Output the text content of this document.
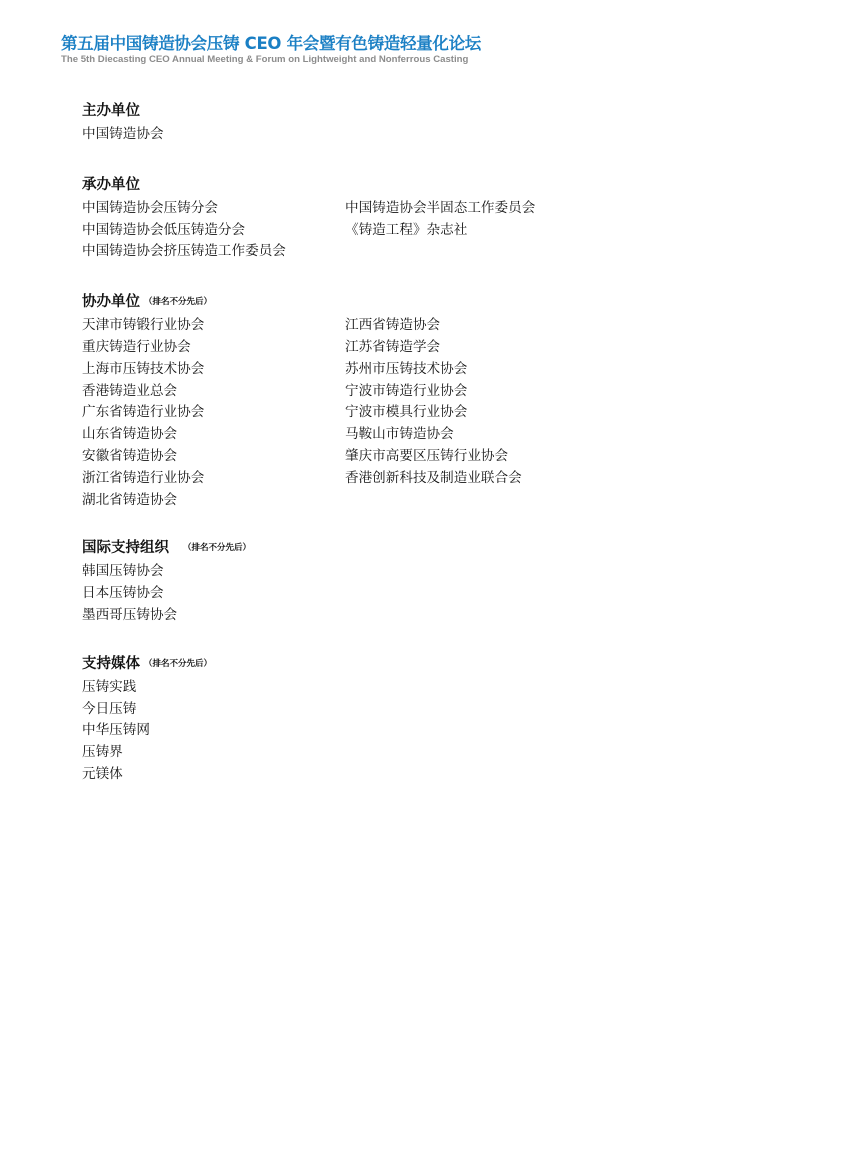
第五届中国铸造协会压铸 CEO 年会暨有色铸造轻量化论坛
The 5th Diecasting CEO Annual Meeting & Forum on Lightweight and Nonferrous Casting
主办单位
中国铸造协会
承办单位
中国铸造协会压铸分会
中国铸造协会低压铸造分会
中国铸造协会挤压铸造工作委员会
中国铸造协会半固态工作委员会
《铸造工程》杂志社
协办单位 （排名不分先后）
天津市铸锻行业协会
重庆铸造行业协会
上海市压铸技术协会
香港铸造业总会
广东省铸造行业协会
山东省铸造协会
安徽省铸造协会
浙江省铸造行业协会
湖北省铸造协会
江西省铸造协会
江苏省铸造学会
苏州市压铸技术协会
宁波市铸造行业协会
宁波市模具行业协会
马鞍山市铸造协会
肇庆市高要区压铸行业协会
香港创新科技及制造业联合会
国际支持组织 （排名不分先后）
韩国压铸协会
日本压铸协会
墨西哥压铸协会
支持媒体 （排名不分先后）
压铸实践
今日压铸
中华压铸网
压铸界
元镁体
